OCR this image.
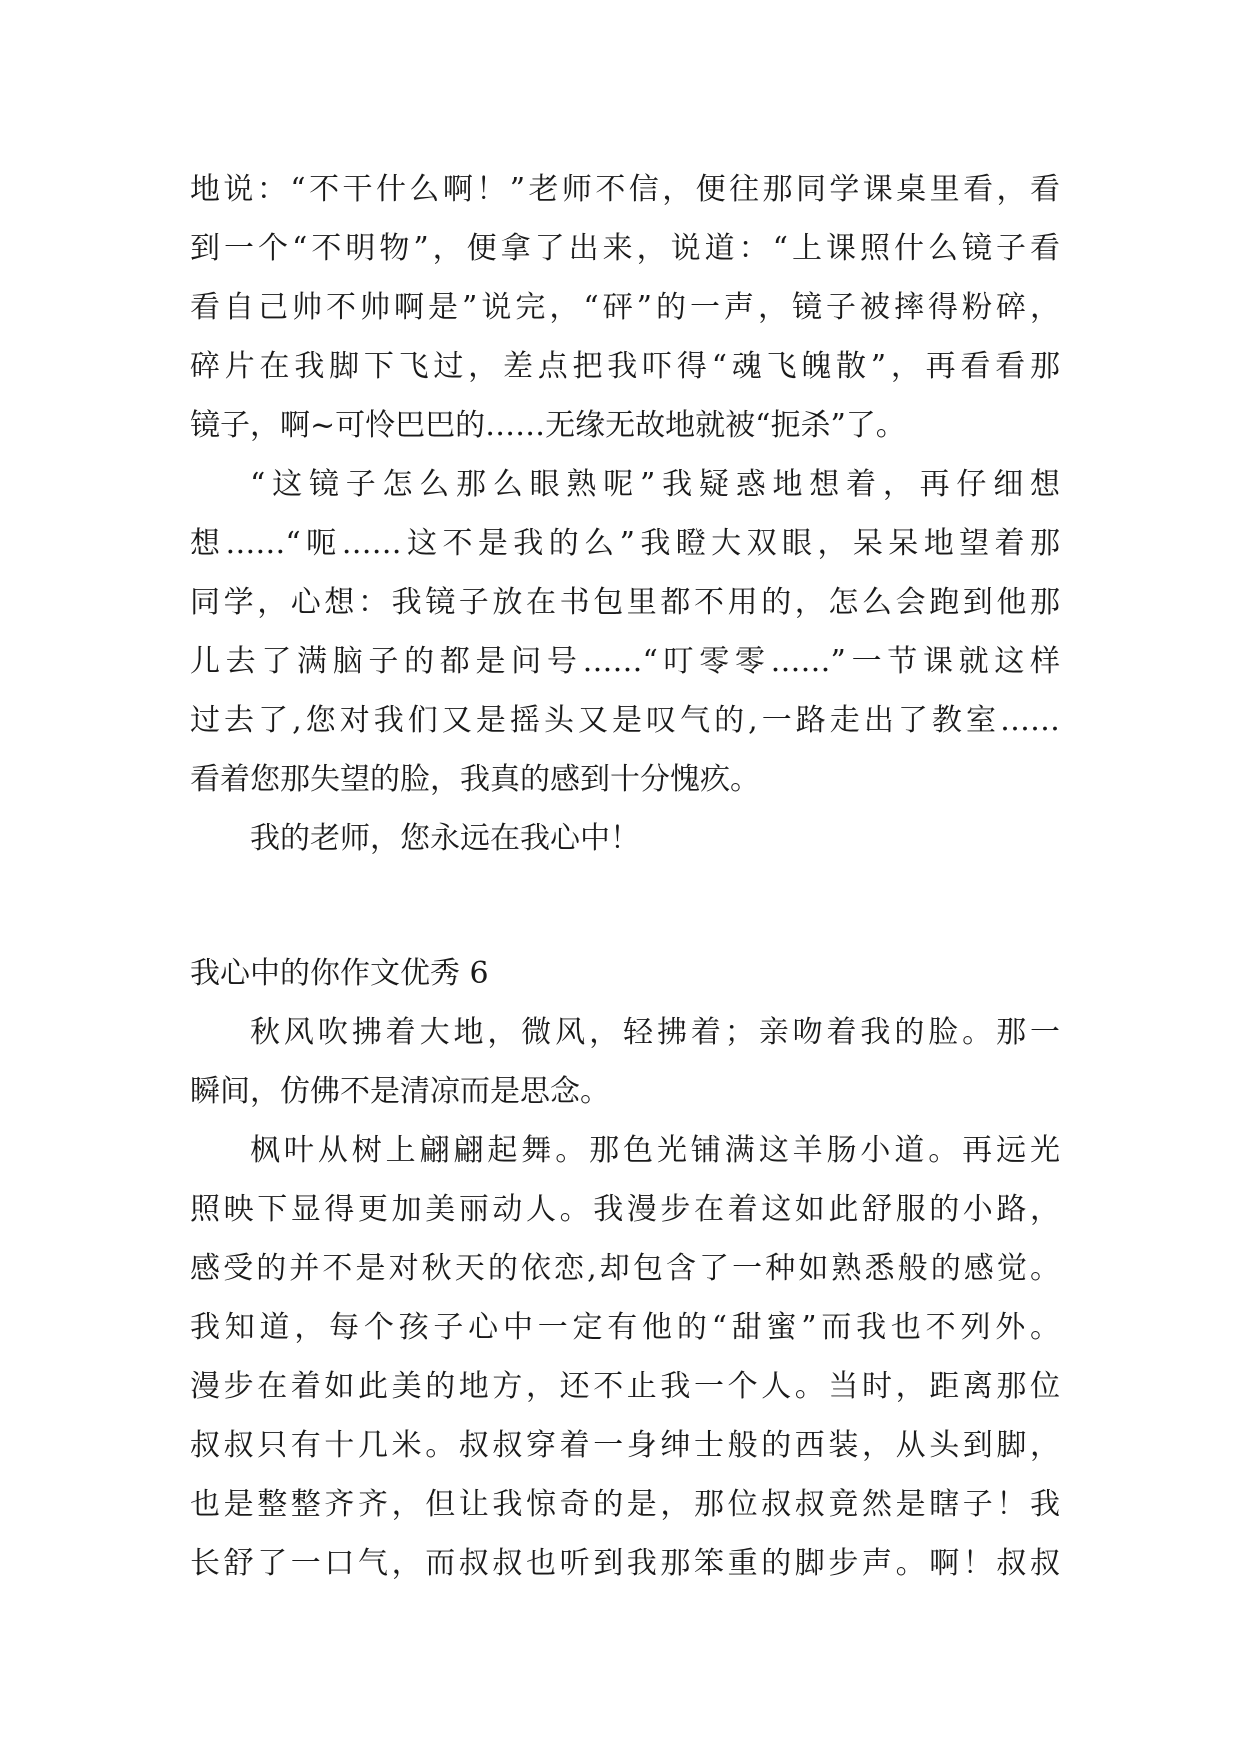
地说：“不干什么啊！”老师不信，便往那同学课桌里看，看
到一个“不明物”，便拿了出来，说道：“上课照什么镜子看
看自己帅不帅啊是”说完，“砰”的一声，镜子被摔得粉碎，
碎片在我脚下飞过，差点把我吓得“魂飞魄散”，再看看那
镜子，啊~可怜巴巴的……无缘无故地就被“扼杀”了。
“这镜子怎么那么眼熟呢”我疑惑地想着，再仔细想
想……“呃……这不是我的么”我瞪大双眼，呆呆地望着那
同学，心想：我镜子放在书包里都不用的，怎么会跑到他那
儿去了满脑子的都是问号……“叮零零……”一节课就这样
过去了,您对我们又是摇头又是叹气的,一路走出了教室……
看着您那失望的脸，我真的感到十分愧疚。
我的老师，您永远在我心中！
我心中的你作文优秀 6
秋风吹拂着大地，微风，轻拂着；亲吻着我的脸。那一
瞬间，仿佛不是清凉而是思念。
枫叶从树上翩翩起舞。那色光铺满这羊肠小道。再远光
照映下显得更加美丽动人。我漫步在着这如此舒服的小路，
感受的并不是对秋天的依恋,却包含了一种如熟悉般的感觉。
我知道，每个孩子心中一定有他的“甜蜜”而我也不列外。
漫步在着如此美的地方，还不止我一个人。当时，距离那位
叔叔只有十几米。叔叔穿着一身绅士般的西装，从头到脚，
也是整整齐齐，但让我惊奇的是，那位叔叔竟然是瞎子！我
长舒了一口气，而叔叔也听到我那笨重的脚步声。啊！叔叔
